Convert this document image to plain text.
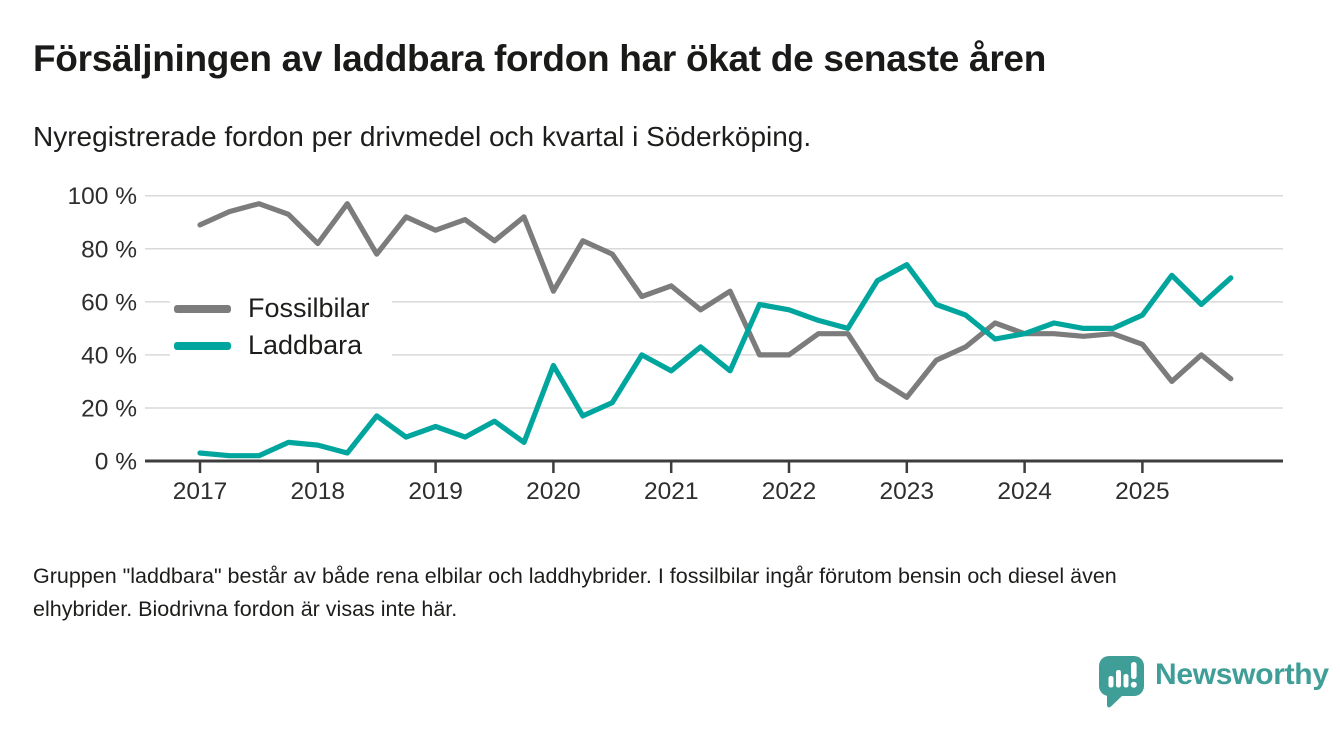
Försäljningen av laddbara fordon har ökat de senaste åren
Nyregistrerade fordon per drivmedel och kvartal i Söderköping.
100 %
80 %
60 %
40 %
20 %
0 %
2017	2018	2019	2020	2021	2022	2023	2024	2025
Fossilbilar
Laddbara
Gruppen "laddbara" består av både rena elbilar och laddhybrider. I fossilbilar ingår förutom bensin och diesel även
elhybrider. Biodrivna fordon är visas inte här.
Newsworthy
